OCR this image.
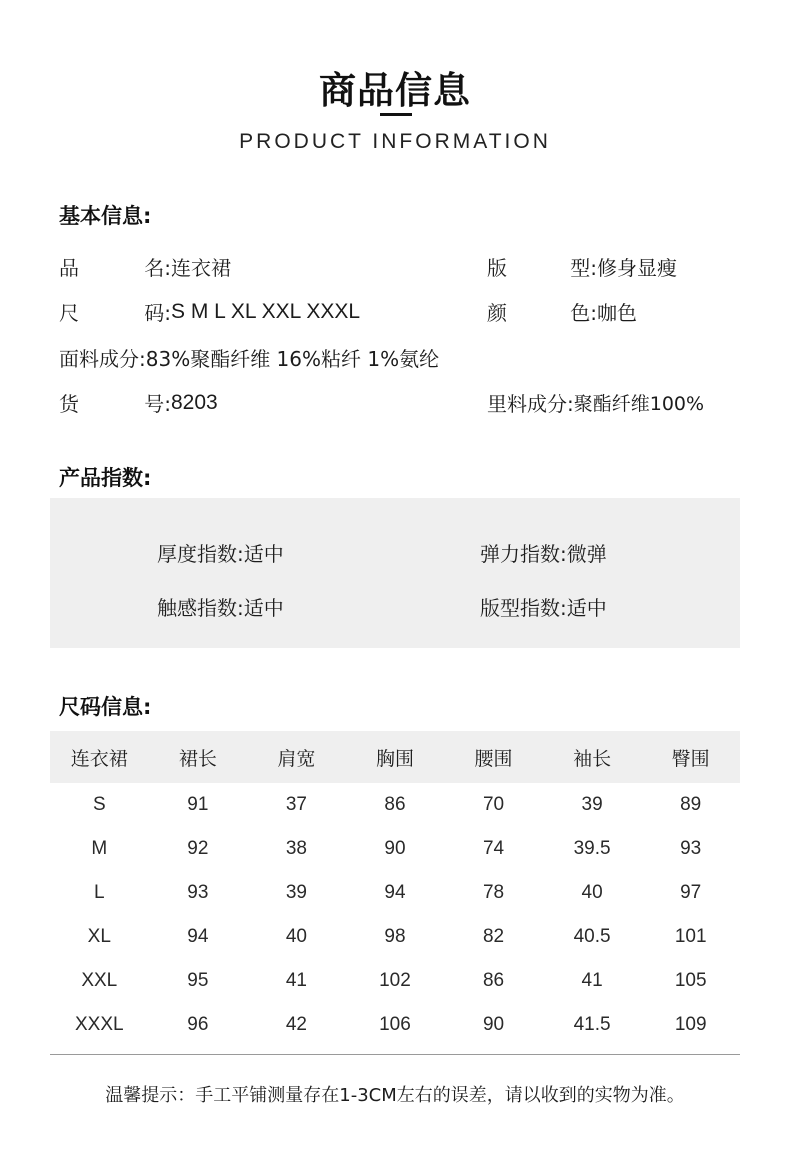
商品信息
PRODUCT INFORMATION
基本信息:
品	名: 连衣裙	版	型: 修身显瘦
尺	码: S M L XL XXL XXXL	颜	色: 咖色
面料成分: 83%聚酯纤维 16%粘纤 1%氨纶
货	号: 8203	里料成分: 聚酯纤维100%
产品指数:
厚度指数:适中	弹力指数:微弹
触感指数:适中	版型指数:适中
尺码信息:
连衣裙	裙长	肩宽	胸围	腰围	袖长	臀围
S	91	37	86	70	39	89
M	92	38	90	74	39.5	93
L	93	39	94	78	40	97
XL	94	40	98	82	40.5	101
XXL	95	41	102	86	41	105
XXXL	96	42	106	90	41.5	109
温馨提示：手工平铺测量存在1-3CM左右的误差，请以收到的实物为准。
